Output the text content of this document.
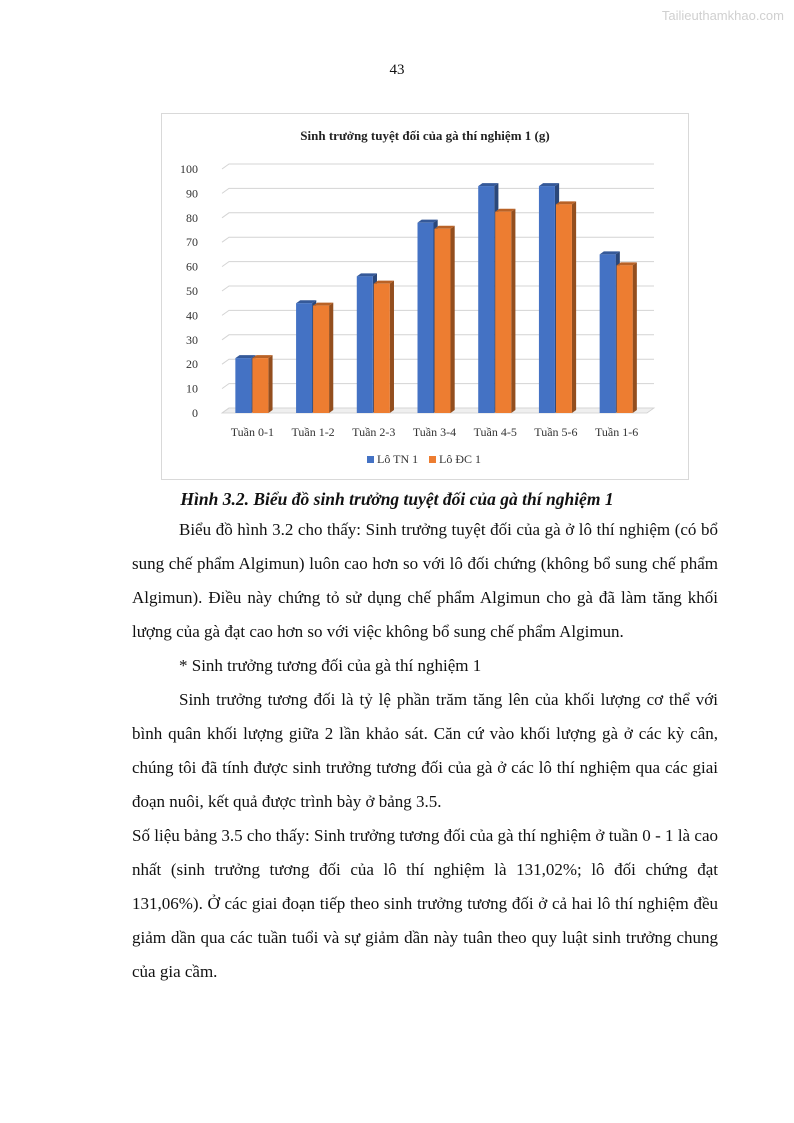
Tailieuthamkhao.com
43
Sinh trưởng tuyệt đối của gà thí nghiệm 1 (g)
0
10
20
30
40
50
60
70
80
90
100
Tuần 0-1 Tuần 1-2 Tuần 2-3 Tuần 3-4 Tuần 4-5 Tuần 5-6 Tuần 1-6
Lô TN 1 Lô ĐC 1
Hình 3.2. Biểu đồ sinh trưởng tuyệt đối của gà thí nghiệm 1

Biểu đồ hình 3.2 cho thấy: Sinh trưởng tuyệt đối của gà ở lô thí nghiệm (có bổ sung chế phẩm Algimun) luôn cao hơn so với lô đối chứng (không bổ sung chế phẩm Algimun). Điều này chứng tỏ sử dụng chế phẩm Algimun cho gà đã làm tăng khối lượng của gà đạt cao hơn so với việc không bổ sung chế phẩm Algimun.

* Sinh trưởng tương đối của gà thí nghiệm 1

Sinh trưởng tương đối là tỷ lệ phần trăm tăng lên của khối lượng cơ thể với bình quân khối lượng giữa 2 lần khảo sát. Căn cứ vào khối lượng gà ở các kỳ cân, chúng tôi đã tính được sinh trưởng tương đối của gà ở các lô thí nghiệm qua các giai đoạn nuôi, kết quả được trình bày ở bảng 3.5.

Số liệu bảng 3.5 cho thấy: Sinh trưởng tương đối của gà thí nghiệm ở tuần 0 - 1 là cao nhất (sinh trưởng tương đối của lô thí nghiệm là 131,02%; lô đối chứng đạt 131,06%). Ở các giai đoạn tiếp theo sinh trưởng tương đối ở cả hai lô thí nghiệm đều giảm dần qua các tuần tuổi và sự giảm dần này tuân theo quy luật sinh trưởng chung của gia cầm.
